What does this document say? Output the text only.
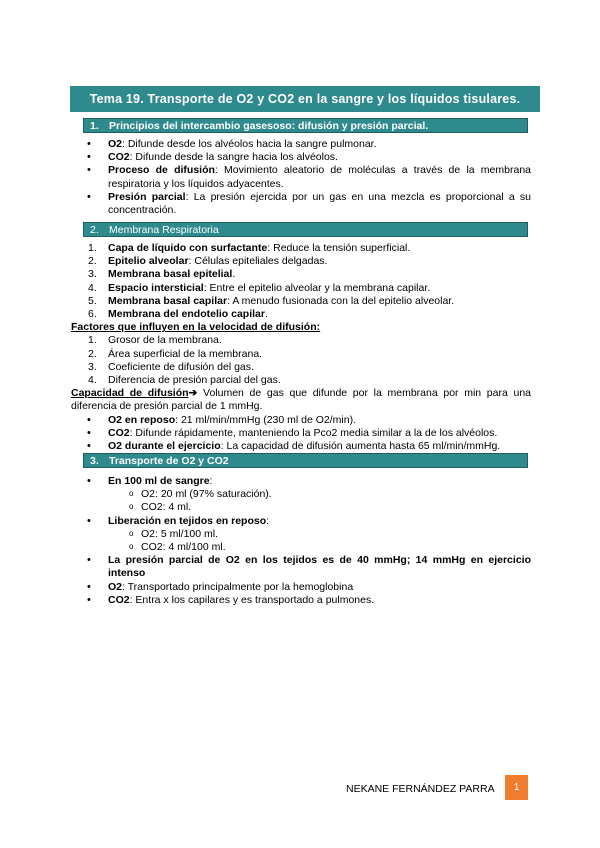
Tema 19. Transporte de O2 y CO2 en la sangre y los líquidos tisulares.
1. Principios del intercambio gasesoso: difusión y presión parcial.
• O2: Difunde desde los alvéolos hacia la sangre pulmonar.
• CO2: Difunde desde la sangre hacia los alvéolos.
• Proceso de difusión: Movimiento aleatorio de moléculas a través de la membrana respiratoria y los líquidos adyacentes.
• Presión parcial: La presión ejercida por un gas en una mezcla es proporcional a su concentración.
2. Membrana Respiratoria
1. Capa de líquido con surfactante: Reduce la tensión superficial.
2. Epitelio alveolar: Células epiteliales delgadas.
3. Membrana basal epitelial.
4. Espacio intersticial: Entre el epitelio alveolar y la membrana capilar.
5. Membrana basal capilar: A menudo fusionada con la del epitelio alveolar.
6. Membrana del endotelio capilar.
Factores que influyen en la velocidad de difusión:
1. Grosor de la membrana.
2. Área superficial de la membrana.
3. Coeficiente de difusión del gas.
4. Diferencia de presión parcial del gas.
Capacidad de difusión➔ Volumen de gas que difunde por la membrana por min para una diferencia de presión parcial de 1 mmHg.
• O2 en reposo: 21 ml/min/mmHg (230 ml de O2/min).
• CO2: Difunde rápidamente, manteniendo la Pco2 media similar a la de los alvéolos.
• O2 durante el ejercicio: La capacidad de difusión aumenta hasta 65 ml/min/mmHg.
3. Transporte de O2 y CO2
• En 100 ml de sangre:
o O2: 20 ml (97% saturación).
o CO2: 4 ml.
• Liberación en tejidos en reposo:
o O2: 5 ml/100 ml.
o CO2: 4 ml/100 ml.
• La presión parcial de O2 en los tejidos es de 40 mmHg; 14 mmHg en ejercicio intenso
• O2: Transportado principalmente por la hemoglobina
• CO2: Entra x los capilares y es transportado a pulmones.
NEKANE FERNÁNDEZ PARRA	1
